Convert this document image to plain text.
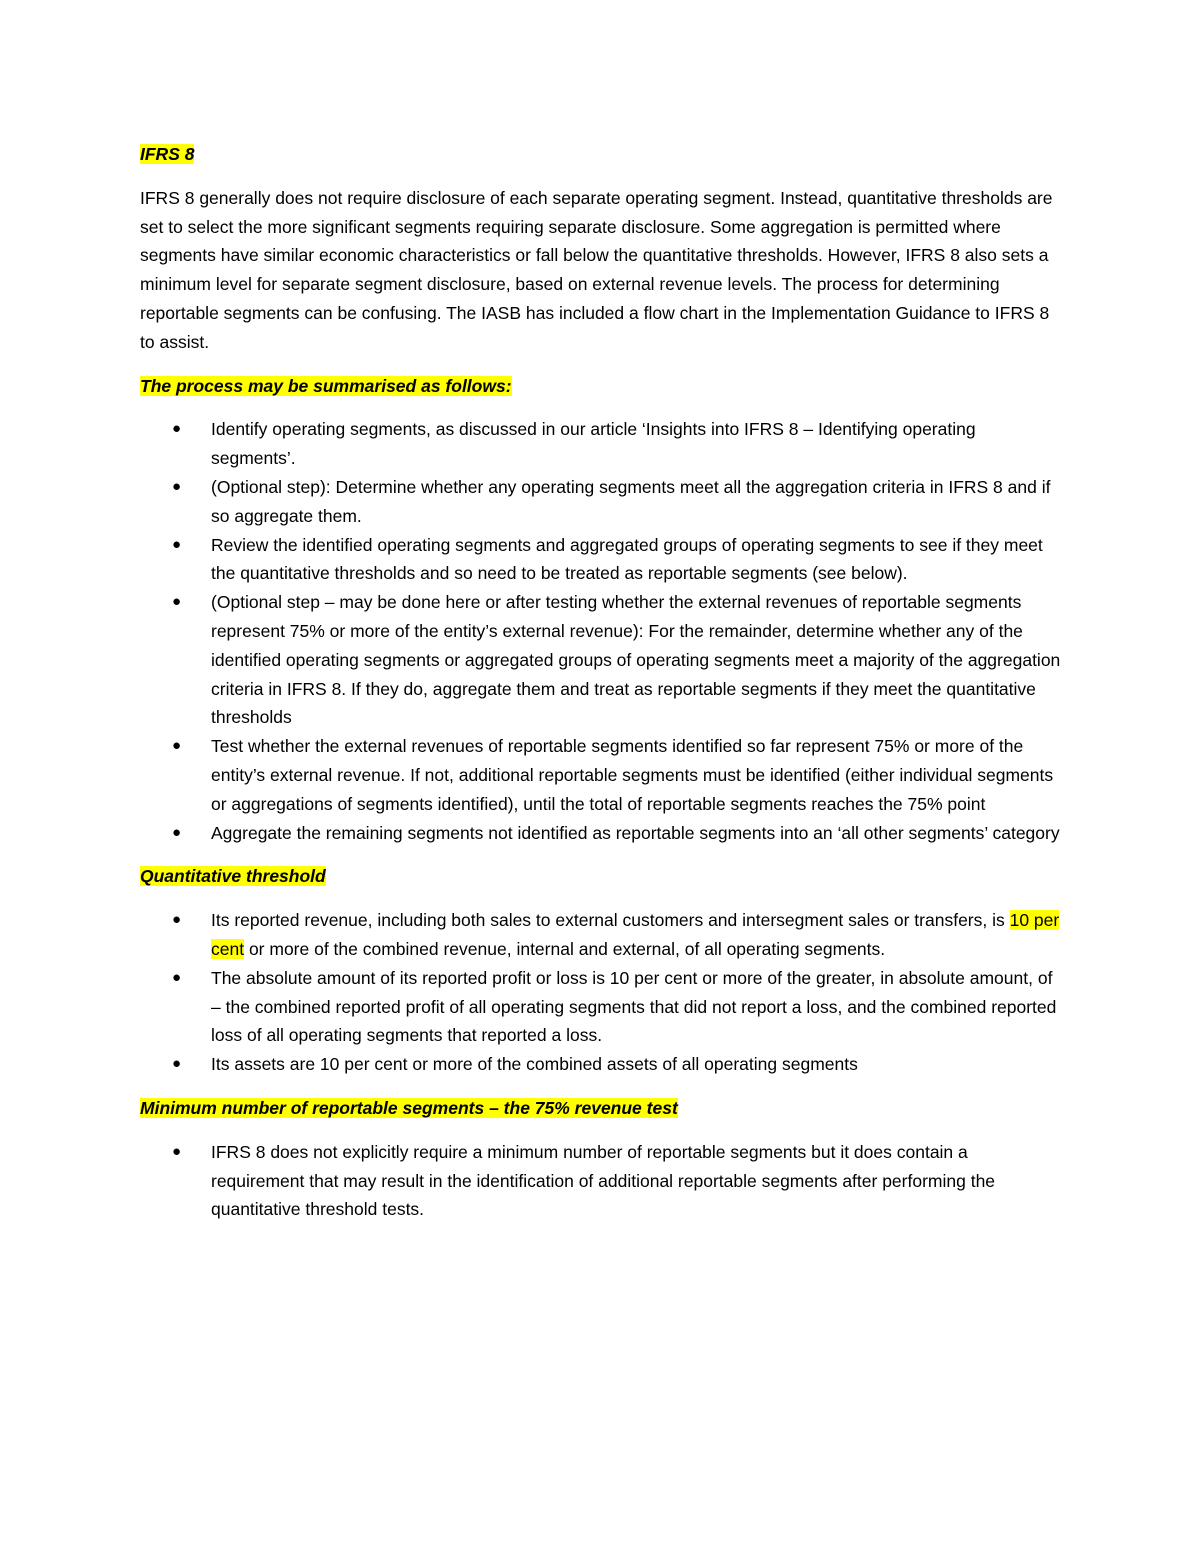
IFRS 8

IFRS 8 generally does not require disclosure of each separate operating segment. Instead, quantitative thresholds are set to select the more significant segments requiring separate disclosure. Some aggregation is permitted where segments have similar economic characteristics or fall below the quantitative thresholds. However, IFRS 8 also sets a minimum level for separate segment disclosure, based on external revenue levels. The process for determining reportable segments can be confusing. The IASB has included a flow chart in the Implementation Guidance to IFRS 8 to assist.

The process may be summarised as follows:

● Identify operating segments, as discussed in our article ‘Insights into IFRS 8 – Identifying operating segments’.
● (Optional step): Determine whether any operating segments meet all the aggregation criteria in IFRS 8 and if so aggregate them.
● Review the identified operating segments and aggregated groups of operating segments to see if they meet the quantitative thresholds and so need to be treated as reportable segments (see below).
● (Optional step – may be done here or after testing whether the external revenues of reportable segments represent 75% or more of the entity’s external revenue): For the remainder, determine whether any of the identified operating segments or aggregated groups of operating segments meet a majority of the aggregation criteria in IFRS 8. If they do, aggregate them and treat as reportable segments if they meet the quantitative thresholds
● Test whether the external revenues of reportable segments identified so far represent 75% or more of the entity’s external revenue. If not, additional reportable segments must be identified (either individual segments or aggregations of segments identified), until the total of reportable segments reaches the 75% point
● Aggregate the remaining segments not identified as reportable segments into an ‘all other segments’ category

Quantitative threshold

● Its reported revenue, including both sales to external customers and intersegment sales or transfers, is 10 per cent or more of the combined revenue, internal and external, of all operating segments.
● The absolute amount of its reported profit or loss is 10 per cent or more of the greater, in absolute amount, of
– the combined reported profit of all operating segments that did not report a loss, and the combined reported loss of all operating segments that reported a loss.
● Its assets are 10 per cent or more of the combined assets of all operating segments

Minimum number of reportable segments – the 75% revenue test

● IFRS 8 does not explicitly require a minimum number of reportable segments but it does contain a requirement that may result in the identification of additional reportable segments after performing the quantitative threshold tests.
